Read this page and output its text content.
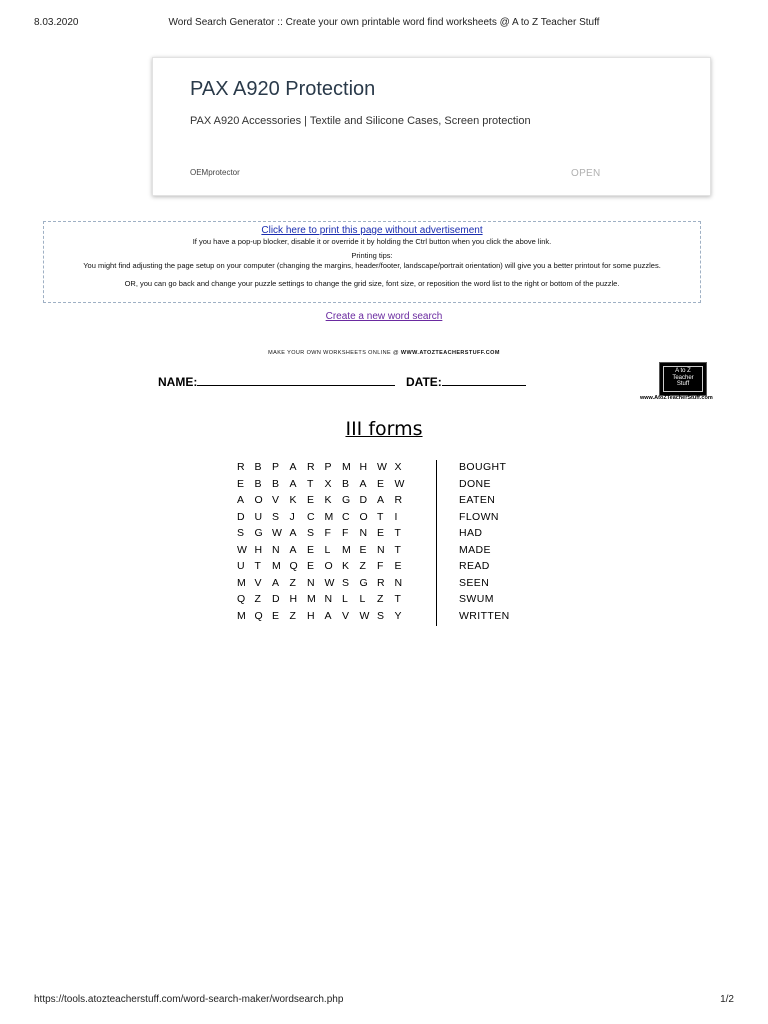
8.03.2020	Word Search Generator :: Create your own printable word find worksheets @ A to Z Teacher Stuff
PAX A920 Protection
PAX A920 Accessories | Textile and Silicone Cases, Screen protection
OEMprotector	OPEN
Click here to print this page without advertisement
If you have a pop-up blocker, disable it or override it by holding the Ctrl button when you click the above link.
Printing tips:
You might find adjusting the page setup on your computer (changing the margins, header/footer, landscape/portrait orientation) will give you a better printout for some puzzles.
OR, you can go back and change your puzzle settings to change the grid size, font size, or reposition the word list to the right or bottom of the puzzle.
Create a new word search
MAKE YOUR OWN WORKSHEETS ONLINE @ WWW.ATOZTEACHERSTUFF.COM
NAME:	DATE:
A to Z
Teacher
Stuff
www.AtoZTeacherStuff.com
III forms
R B P A R P M H W X
E B B A T	X B A E W
A O V K E K G D A R
D U S J	C M C O T	I
S G W A S F	F	N E T
W H N A E L	M E N T
U T	M Q E O K Z	F	E
M V A Z	N W S G R N
Q Z	D H M N L	L	Z	T
M Q E Z	H A V W S Y
BOUGHT
DONE
EATEN
FLOWN
HAD
MADE
READ
SEEN
SWUM
WRITTEN
https://tools.atozteacherstuff.com/word-search-maker/wordsearch.php	1/2
